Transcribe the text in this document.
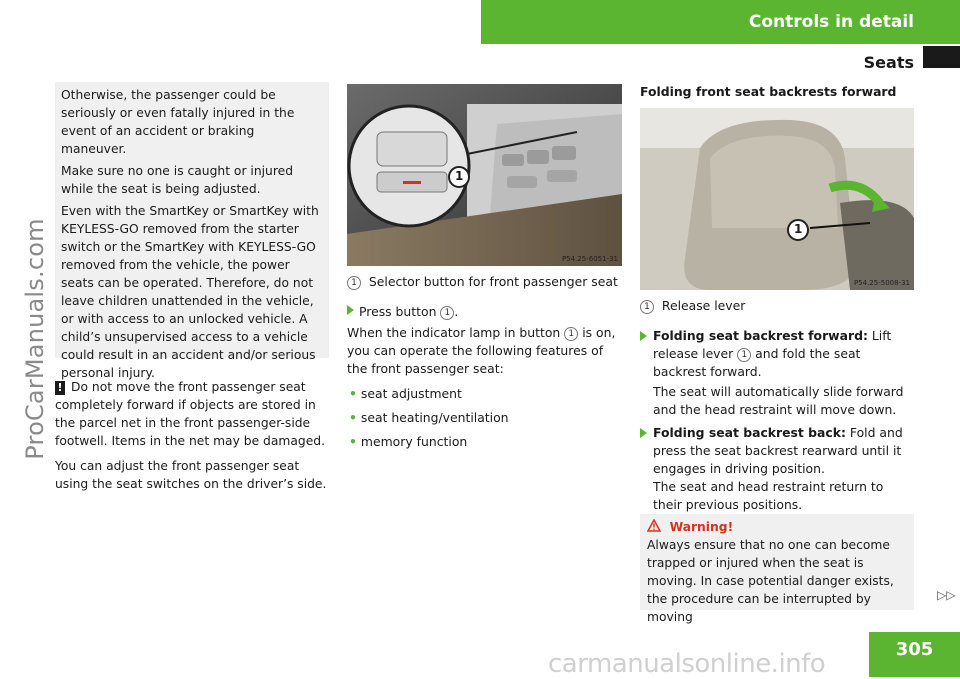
Controls in detail
Seats
ProCarManuals.com

Otherwise, the passenger could be seriously or even fatally injured in the event of an accident or braking maneuver.

Make sure no one is caught or injured while the seat is being adjusted.

Even with the SmartKey or SmartKey with KEYLESS-GO removed from the starter switch or the SmartKey with KEYLESS-GO removed from the vehicle, the power seats can be operated. Therefore, do not leave children unattended in the vehicle, or with access to an unlocked vehicle. A child’s unsupervised access to a vehicle could result in an accident and/or serious personal injury.

! Do not move the front passenger seat completely forward if objects are stored in the parcel net in the front passenger-side footwell. Items in the net may be damaged.
You can adjust the front passenger seat using the seat switches on the driver’s side.
1
P54.25-6051-31
1 Selector button for front passenger seat
Press button 1 .
When the indicator lamp in button 1 is on, you can operate the following features of the front passenger seat:
• seat adjustment
• seat heating/ventilation
• memory function
Folding front seat backrests forward
1
P54.25-5008-31
1 Release lever
Folding seat backrest forward: Lift release lever 1 and fold the seat backrest forward.
The seat will automatically slide forward and the head restraint will move down.
Folding seat backrest back: Fold and press the seat backrest rearward until it engages in driving position.
The seat and head restraint return to their previous positions.
Warning!
Always ensure that no one can become trapped or injured when the seat is moving. In case potential danger exists, the procedure can be interrupted by moving
▷▷
305
carmanualsonline.info
